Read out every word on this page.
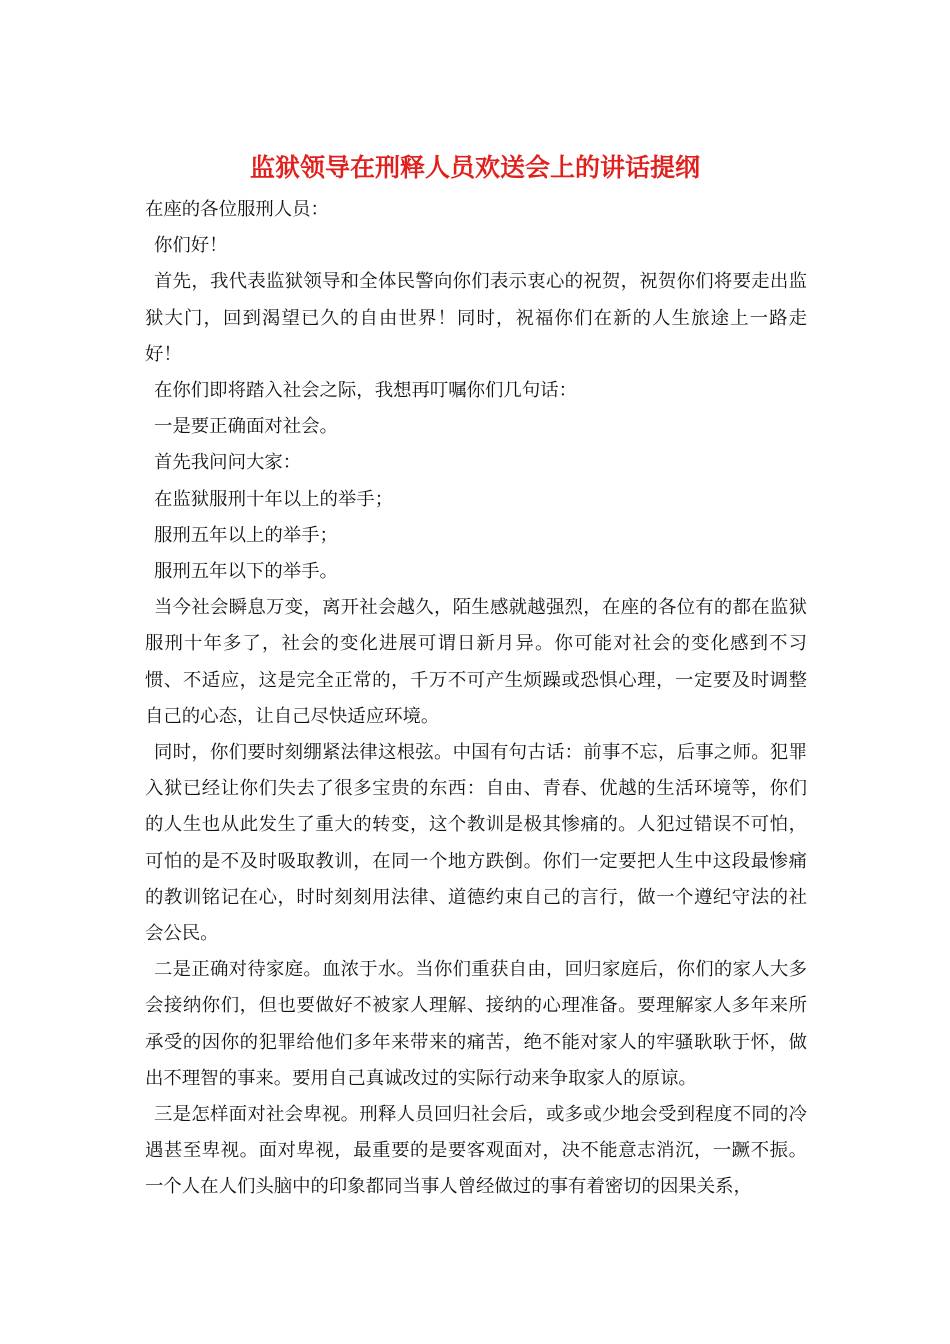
监狱领导在刑释人员欢送会上的讲话提纲

在座的各位服刑人员：

你们好！

首先，我代表监狱领导和全体民警向你们表示衷心的祝贺，祝贺你们将要走出监狱大门，回到渴望已久的自由世界！同时，祝福你们在新的人生旅途上一路走好！

在你们即将踏入社会之际，我想再叮嘱你们几句话：

一是要正确面对社会。

首先我问问大家：

在监狱服刑十年以上的举手；

服刑五年以上的举手；

服刑五年以下的举手。

当今社会瞬息万变，离开社会越久，陌生感就越强烈，在座的各位有的都在监狱服刑十年多了，社会的变化进展可谓日新月异。你可能对社会的变化感到不习惯、不适应，这是完全正常的，千万不可产生烦躁或恐惧心理，一定要及时调整自己的心态，让自己尽快适应环境。

同时，你们要时刻绷紧法律这根弦。中国有句古话：前事不忘，后事之师。犯罪入狱已经让你们失去了很多宝贵的东西：自由、青春、优越的生活环境等，你们的人生也从此发生了重大的转变，这个教训是极其惨痛的。人犯过错误不可怕，可怕的是不及时吸取教训，在同一个地方跌倒。你们一定要把人生中这段最惨痛的教训铭记在心，时时刻刻用法律、道德约束自己的言行，做一个遵纪守法的社会公民。

二是正确对待家庭。血浓于水。当你们重获自由，回归家庭后，你们的家人大多会接纳你们，但也要做好不被家人理解、接纳的心理准备。要理解家人多年来所承受的因你的犯罪给他们多年来带来的痛苦，绝不能对家人的牢骚耿耿于怀，做出不理智的事来。要用自己真诚改过的实际行动来争取家人的原谅。

三是怎样面对社会卑视。刑释人员回归社会后，或多或少地会受到程度不同的冷遇甚至卑视。面对卑视，最重要的是要客观面对，决不能意志消沉，一蹶不振。一个人在人们头脑中的印象都同当事人曾经做过的事有着密切的因果关系，
